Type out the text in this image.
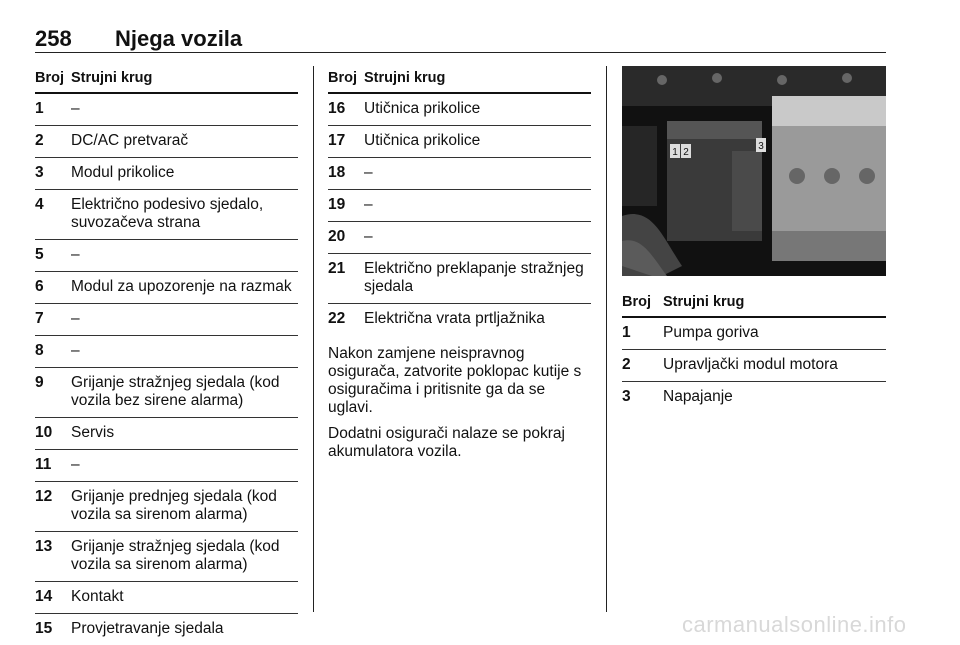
258 Njega vozila
Broj	Strujni krug
1	–
2	DC/AC pretvarač
3	Modul prikolice
4	Električno podesivo sjedalo, suvozačeva strana
5	–
6	Modul za upozorenje na razmak
7	–
8	–
9	Grijanje stražnjeg sjedala (kod vozila bez sirene alarma)
10	Servis
11	–
12	Grijanje prednjeg sjedala (kod vozila sa sirenom alarma)
13	Grijanje stražnjeg sjedala (kod vozila sa sirenom alarma)
14	Kontakt
15	Provjetravanje sjedala
Broj	Strujni krug
16	Utičnica prikolice
17	Utičnica prikolice
18	–
19	–
20	–
21	Električno preklapanje stražnjeg sjedala
22	Električna vrata prtljažnika

Nakon zamjene neispravnog osigurača, zatvorite poklopac kutije s osiguračima i pritisnite ga da se uglavi.

Dodatni osigurači nalaze se pokraj akumulatora vozila.

1 2
3
Broj	Strujni krug
1	Pumpa goriva
2	Upravljački modul motora
3	Napajanje
carmanualsonline.info
